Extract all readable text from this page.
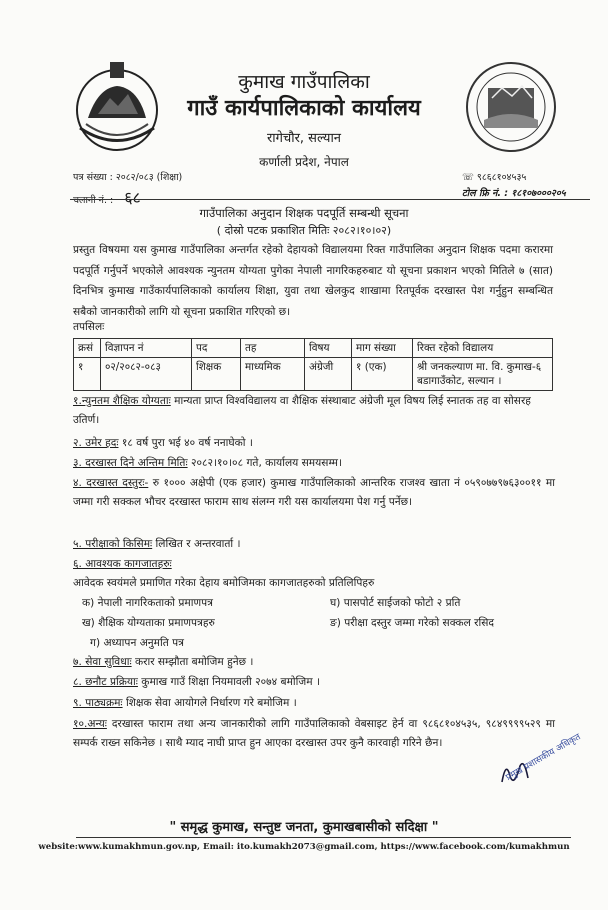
कुमाख गाउँपालिका
गाउँ कार्यपालिकाको कार्यालय
रागेचौर, सल्यान
कर्णाली प्रदेश, नेपाल
पत्र संख्या : २०८२/०८३ (शिक्षा)
चलानी नं. : ६८
☏ ९८६८१०४५३५
टोल फ्रि नं. : १८१०७०००२०५
गाउँपालिका अनुदान शिक्षक पदपूर्ति सम्बन्धी सूचना
( दोस्रो पटक प्रकाशित मितिः २०८२।१०।०२)
प्रस्तुत विषयमा यस कुमाख गाउँपालिका अन्तर्गत रहेको देहायको विद्यालयमा रिक्त गाउँपालिका अनुदान शिक्षक पदमा करारमा पदपूर्ति गर्नुपर्ने भएकोले आवश्यक न्युनतम योग्यता पुगेका नेपाली नागरिकहरुबाट यो सूचना प्रकाशन भएको मितिले ७ (सात) दिनभित्र कुमाख गाउँकार्यपालिकाको कार्यालय शिक्षा, युवा तथा खेलकुद शाखामा रितपूर्वक दरखास्त पेश गर्नुहुन सम्बन्धित सबैको जानकारीको लागि यो सूचना प्रकाशित गरिएको छ।
तपसिलः
क्रसं	विज्ञापन नं	पद	तह	विषय	माग संख्या	रिक्त रहेको विद्यालय
१	०२/२०८२-०८३	शिक्षक	माध्यमिक	अंग्रेजी	१ (एक)	श्री जनकल्याण मा. वि. कुमाख-६ बडागाउँकोट, सल्यान ।
१.न्युनतम शैक्षिक योग्यताः मान्यता प्राप्त विश्वविद्यालय वा शैक्षिक संस्थाबाट अंग्रेजी मूल विषय लिई स्नातक तह वा सोसरह उतिर्ण।
२. उमेर हदः १८ वर्ष पुरा भई ४० वर्ष ननाघेको ।
३. दरखास्त दिने अन्तिम मितिः २०८२।१०।०८ गते, कार्यालय समयसम्म।
४. दरखास्त दस्तुरः- रु १००० अक्षेपी (एक हजार) कुमाख गाउँपालिकाको आन्तरिक राजश्व खाता नं ०५९०७७९७६३००११ मा जम्मा गरी सक्कल भौचर दरखास्त फाराम साथ संलग्न गरी यस कार्यालयमा पेश गर्नु पर्नेछ।
५. परीक्षाको किसिमः लिखित र अन्तरवार्ता ।
६. आवश्यक कागजातहरुः
आवेदक स्वयंमले प्रमाणित गरेका देहाय बमोजिमका कागजातहरुको प्रतिलिपिहरु
क) नेपाली नागरिकताको प्रमाणपत्र	घ) पासपोर्ट साईजको फोटो २ प्रति
ख) शैक्षिक योग्यताका प्रमाणपत्रहरु	ङ) परीक्षा दस्तुर जम्मा गरेको सक्कल रसिद
ग) अध्यापन अनुमति पत्र
७. सेवा सुविधाः करार सम्झौता बमोजिम हुनेछ ।
८. छनौट प्रक्रियाः कुमाख गाउँ शिक्षा नियमावली २०७४ बमोजिम ।
९. पाठ्यक्रमः शिक्षक सेवा आयोगले निर्धारण गरे बमोजिम ।
१०.अन्यः दरखास्त फाराम तथा अन्य जानकारीको लागि गाउँपालिकाको वेबसाइट हेर्न वा ९८६८१०४५३५, ९८४९९९९५२९ मा सम्पर्क राख्न सकिनेछ । साथै म्याद नाघी प्राप्त हुन आएका दरखास्त उपर कुनै कारवाही गरिने छैन।	प्रमुख प्रशासकीय अधिकृत
" समृद्ध कुमाख, सन्तुष्ट जनता, कुमाखबासीको सदिक्षा "
website:www.kumakhmun.gov.np, Email: ito.kumakh2073@gmail.com, https://www.facebook.com/kumakhmun
